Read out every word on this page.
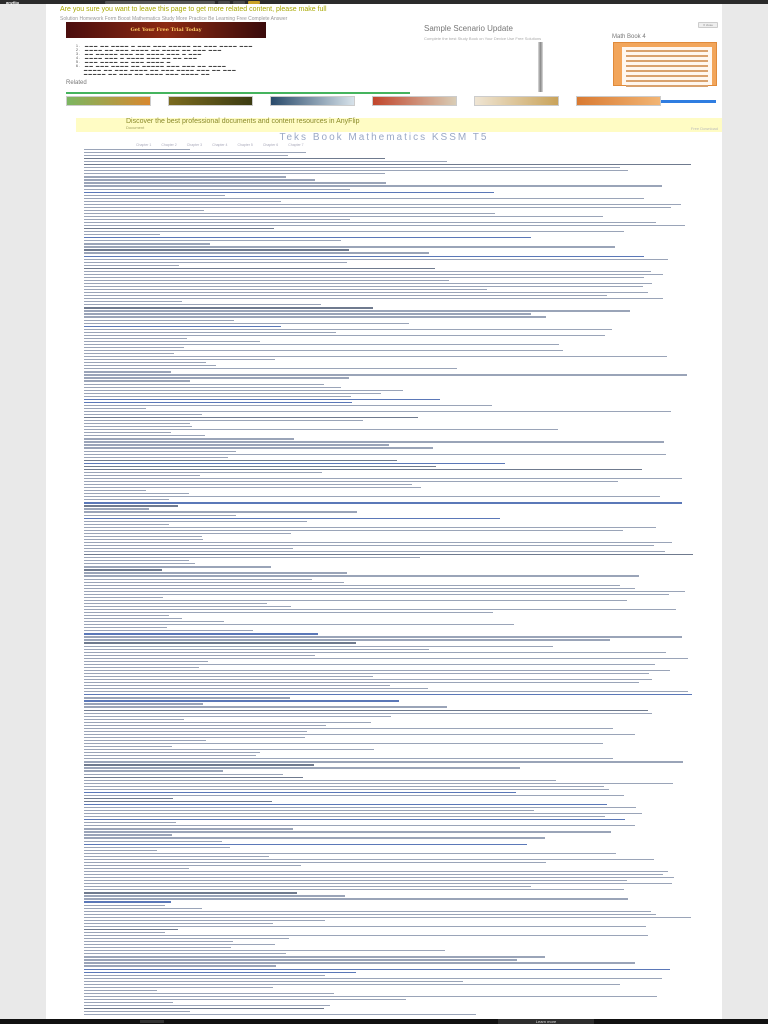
anyflip
Are you sure you want to leave this page to get more related content, please make full
Solution Homework Form Boost Mathematics Study More Practice Be Learning Free Complete Answer
Get Your Free Trial Today	Sample Scenario Update
Complete the best Study Book on Your Device Use Free Solutions
X close
1.  ▬▬▬ ▬▬ ▬▬▬▬ ▬ ▬▬▬ ▬▬▬ ▬▬▬▬▬ ▬▬ ▬▬▬ ▬▬▬▬ ▬▬▬
2.  ▬▬▬▬ ▬▬ ▬▬▬ ▬▬▬▬ ▬▬ ▬▬▬▬ ▬▬ ▬▬▬ ▬▬▬
3.  ▬▬ ▬▬▬▬▬ ▬▬▬ ▬▬ ▬▬▬▬ ▬▬▬ ▬ ▬▬▬
4.  ▬▬▬▬ ▬▬▬ ▬ ▬▬▬▬ ▬▬▬ ▬▬ ▬▬ ▬▬▬
5.  ▬▬▬ ▬▬▬▬ ▬▬ ▬▬▬ ▬▬▬▬ ▬
6.  ▬▬ ▬▬▬ ▬▬▬▬ ▬▬ ▬▬▬▬▬ ▬▬▬ ▬▬▬ ▬▬ ▬▬▬▬
▬▬▬▬ ▬▬ ▬▬▬ ▬▬▬▬ ▬▬ ▬▬▬ ▬▬▬▬ ▬▬▬ ▬▬ ▬▬▬
▬▬▬▬▬ ▬▬ ▬▬▬ ▬▬ ▬▬▬▬ ▬▬▬ ▬▬▬▬ ▬▬
Math Book 4
Related
Discover the best professional documents and content resources in AnyFlip
Document	Free Download
Teks Book Mathematics KSSM T5
Chapter 1	Chapter 2	Chapter 3	Chapter 4	Chapter 5	Chapter 6	Chapter 7
Learn more
